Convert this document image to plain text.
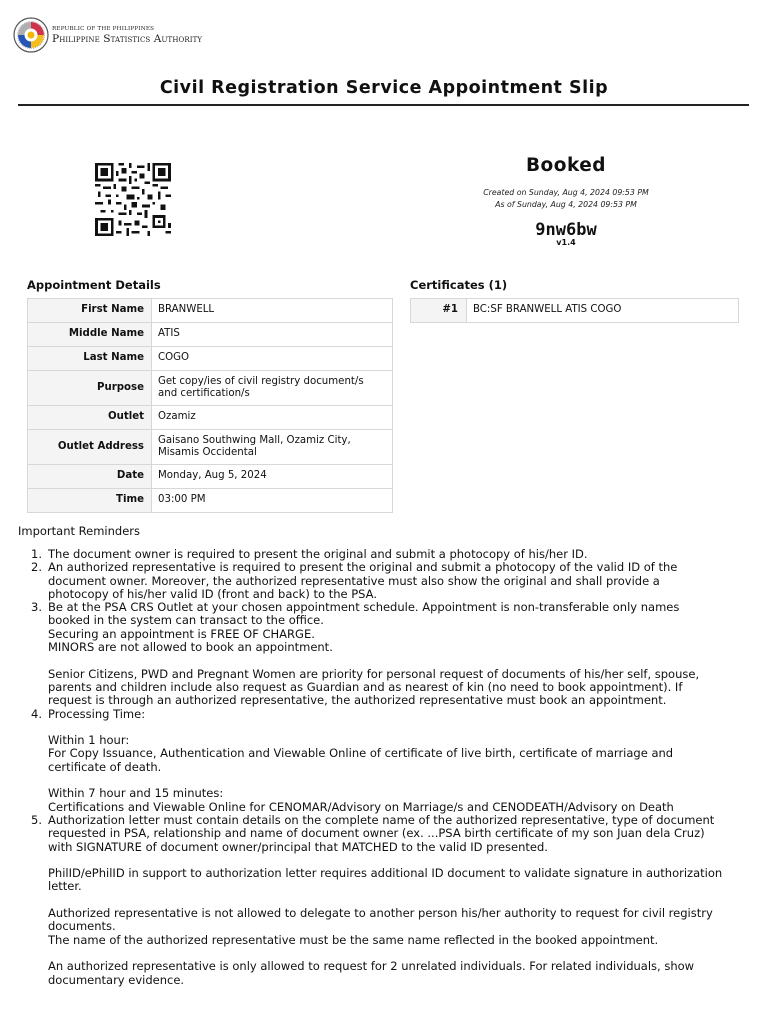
REPUBLIC OF THE PHILIPPINES
Philippine Statistics Authority
Civil Registration Service Appointment Slip
Booked
Created on Sunday, Aug 4, 2024 09:53 PM
As of Sunday, Aug 4, 2024 09:53 PM
9nw6bw
v1.4
Appointment Details
First Name	BRANWELL
Middle Name	ATIS
Last Name	COGO
Purpose	Get copy/ies of civil registry document/s and certification/s
Outlet	Ozamiz
Outlet Address	Gaisano Southwing Mall, Ozamiz City, Misamis Occidental
Date	Monday, Aug 5, 2024
Time	03:00 PM
Certificates (1)
#1	BC:SF BRANWELL ATIS COGO
Important Reminders
1. The document owner is required to present the original and submit a photocopy of his/her ID.

2. An authorized representative is required to present the original and submit a photocopy of the valid ID of the
document owner. Moreover, the authorized representative must also show the original and shall provide a
photocopy of his/her valid ID (front and back) to the PSA.

3. Be at the PSA CRS Outlet at your chosen appointment schedule. Appointment is non-transferable only names
booked in the system can transact to the office.
Securing an appointment is FREE OF CHARGE.
MINORS are not allowed to book an appointment.

Senior Citizens, PWD and Pregnant Women are priority for personal request of documents of his/her self, spouse,
parents and children include also request as Guardian and as nearest of kin (no need to book appointment). If
request is through an authorized representative, the authorized representative must book an appointment.

4. Processing Time:

Within 1 hour:
For Copy Issuance, Authentication and Viewable Online of certificate of live birth, certificate of marriage and
certificate of death.

Within 7 hour and 15 minutes:
Certifications and Viewable Online for CENOMAR/Advisory on Marriage/s and CENODEATH/Advisory on Death

5. Authorization letter must contain details on the complete name of the authorized representative, type of document
requested in PSA, relationship and name of document owner (ex. ...PSA birth certificate of my son Juan dela Cruz)
with SIGNATURE of document owner/principal that MATCHED to the valid ID presented.

PhilID/ePhilID in support to authorization letter requires additional ID document to validate signature in authorization
letter.

Authorized representative is not allowed to delegate to another person his/her authority to request for civil registry
documents.
The name of the authorized representative must be the same name reflected in the booked appointment.

An authorized representative is only allowed to request for 2 unrelated individuals. For related individuals, show
documentary evidence.
